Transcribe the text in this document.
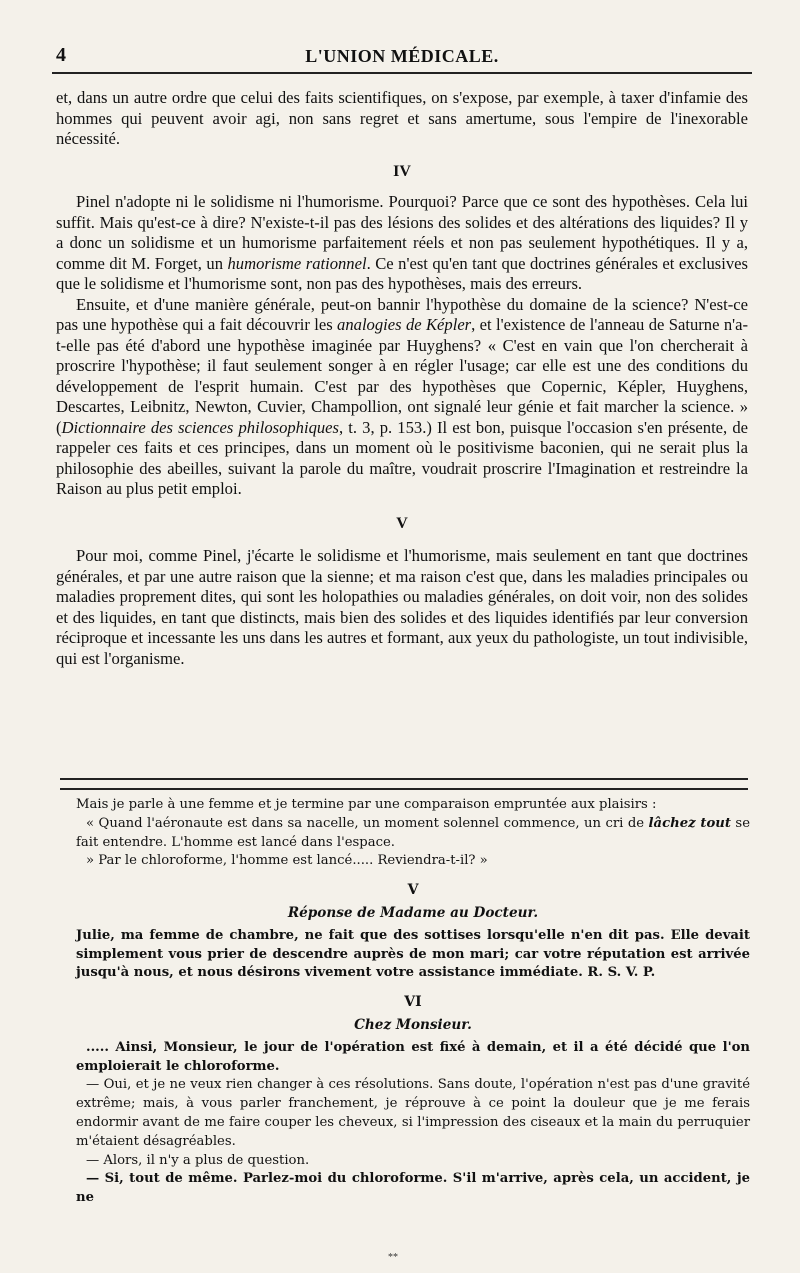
4	L'UNION MÉDICALE.

et, dans un autre ordre que celui des faits scientifiques, on s'expose, par exemple, à taxer d'infamie des hommes qui peuvent avoir agi, non sans regret et sans amertume, sous l'empire de l'inexorable nécessité.

IV

Pinel n'adopte ni le solidisme ni l'humorisme. Pourquoi? Parce que ce sont des hypothèses. Cela lui suffit. Mais qu'est-ce à dire? N'existe-t-il pas des lésions des solides et des altérations des liquides? Il y a donc un solidisme et un humorisme parfaitement réels et non pas seulement hypothétiques. Il y a, comme dit M. Forget, un humorisme rationnel. Ce n'est qu'en tant que doctrines générales et exclusives que le solidisme et l'humorisme sont, non pas des hypothèses, mais des erreurs.

Ensuite, et d'une manière générale, peut-on bannir l'hypothèse du domaine de la science? N'est-ce pas une hypothèse qui a fait découvrir les analogies de Képler, et l'existence de l'anneau de Saturne n'a-t-elle pas été d'abord une hypothèse imaginée par Huyghens? « C'est en vain que l'on chercherait à proscrire l'hypothèse; il faut seulement songer à en régler l'usage; car elle est une des conditions du développement de l'esprit humain. C'est par des hypothèses que Copernic, Képler, Huyghens, Descartes, Leibnitz, Newton, Cuvier, Champollion, ont signalé leur génie et fait marcher la science. » (Dictionnaire des sciences philosophiques, t. 3, p. 153.) Il est bon, puisque l'occasion s'en présente, de rappeler ces faits et ces principes, dans un moment où le positivisme baconien, qui ne serait plus la philosophie des abeilles, suivant la parole du maître, voudrait proscrire l'Imagination et restreindre la Raison au plus petit emploi.

V

Pour moi, comme Pinel, j'écarte le solidisme et l'humorisme, mais seulement en tant que doctrines générales, et par une autre raison que la sienne; et ma raison c'est que, dans les maladies principales ou maladies proprement dites, qui sont les holopathies ou maladies générales, on doit voir, non des solides et des liquides, en tant que distincts, mais bien des solides et des liquides identifiés par leur conversion réciproque et incessante les uns dans les autres et formant, aux yeux du pathologiste, un tout indivisible, qui est l'organisme.

Mais je parle à une femme et je termine par une comparaison empruntée aux plaisirs :

« Quand l'aéronaute est dans sa nacelle, un moment solennel commence, un cri de lâchez tout se fait entendre. L'homme est lancé dans l'espace.

» Par le chloroforme, l'homme est lancé..... Reviendra-t-il? »

V
Réponse de Madame au Docteur.

Julie, ma femme de chambre, ne fait que des sottises lorsqu'elle n'en dit pas. Elle devait simplement vous prier de descendre auprès de mon mari; car votre réputation est arrivée jusqu'à nous, et nous désirons vivement votre assistance immédiate. R. S. V. P.

VI
Chez Monsieur.

..... Ainsi, Monsieur, le jour de l'opération est fixé à demain, et il a été décidé que l'on emploierait le chloroforme.

— Oui, et je ne veux rien changer à ces résolutions. Sans doute, l'opération n'est pas d'une gravité extrême; mais, à vous parler franchement, je réprouve à ce point la douleur que je me ferais endormir avant de me faire couper les cheveux, si l'impression des ciseaux et la main du perruquier m'étaient désagréables.

— Alors, il n'y a plus de question.

— Si, tout de même. Parlez-moi du chloroforme. S'il m'arrive, après cela, un accident, je ne

**
